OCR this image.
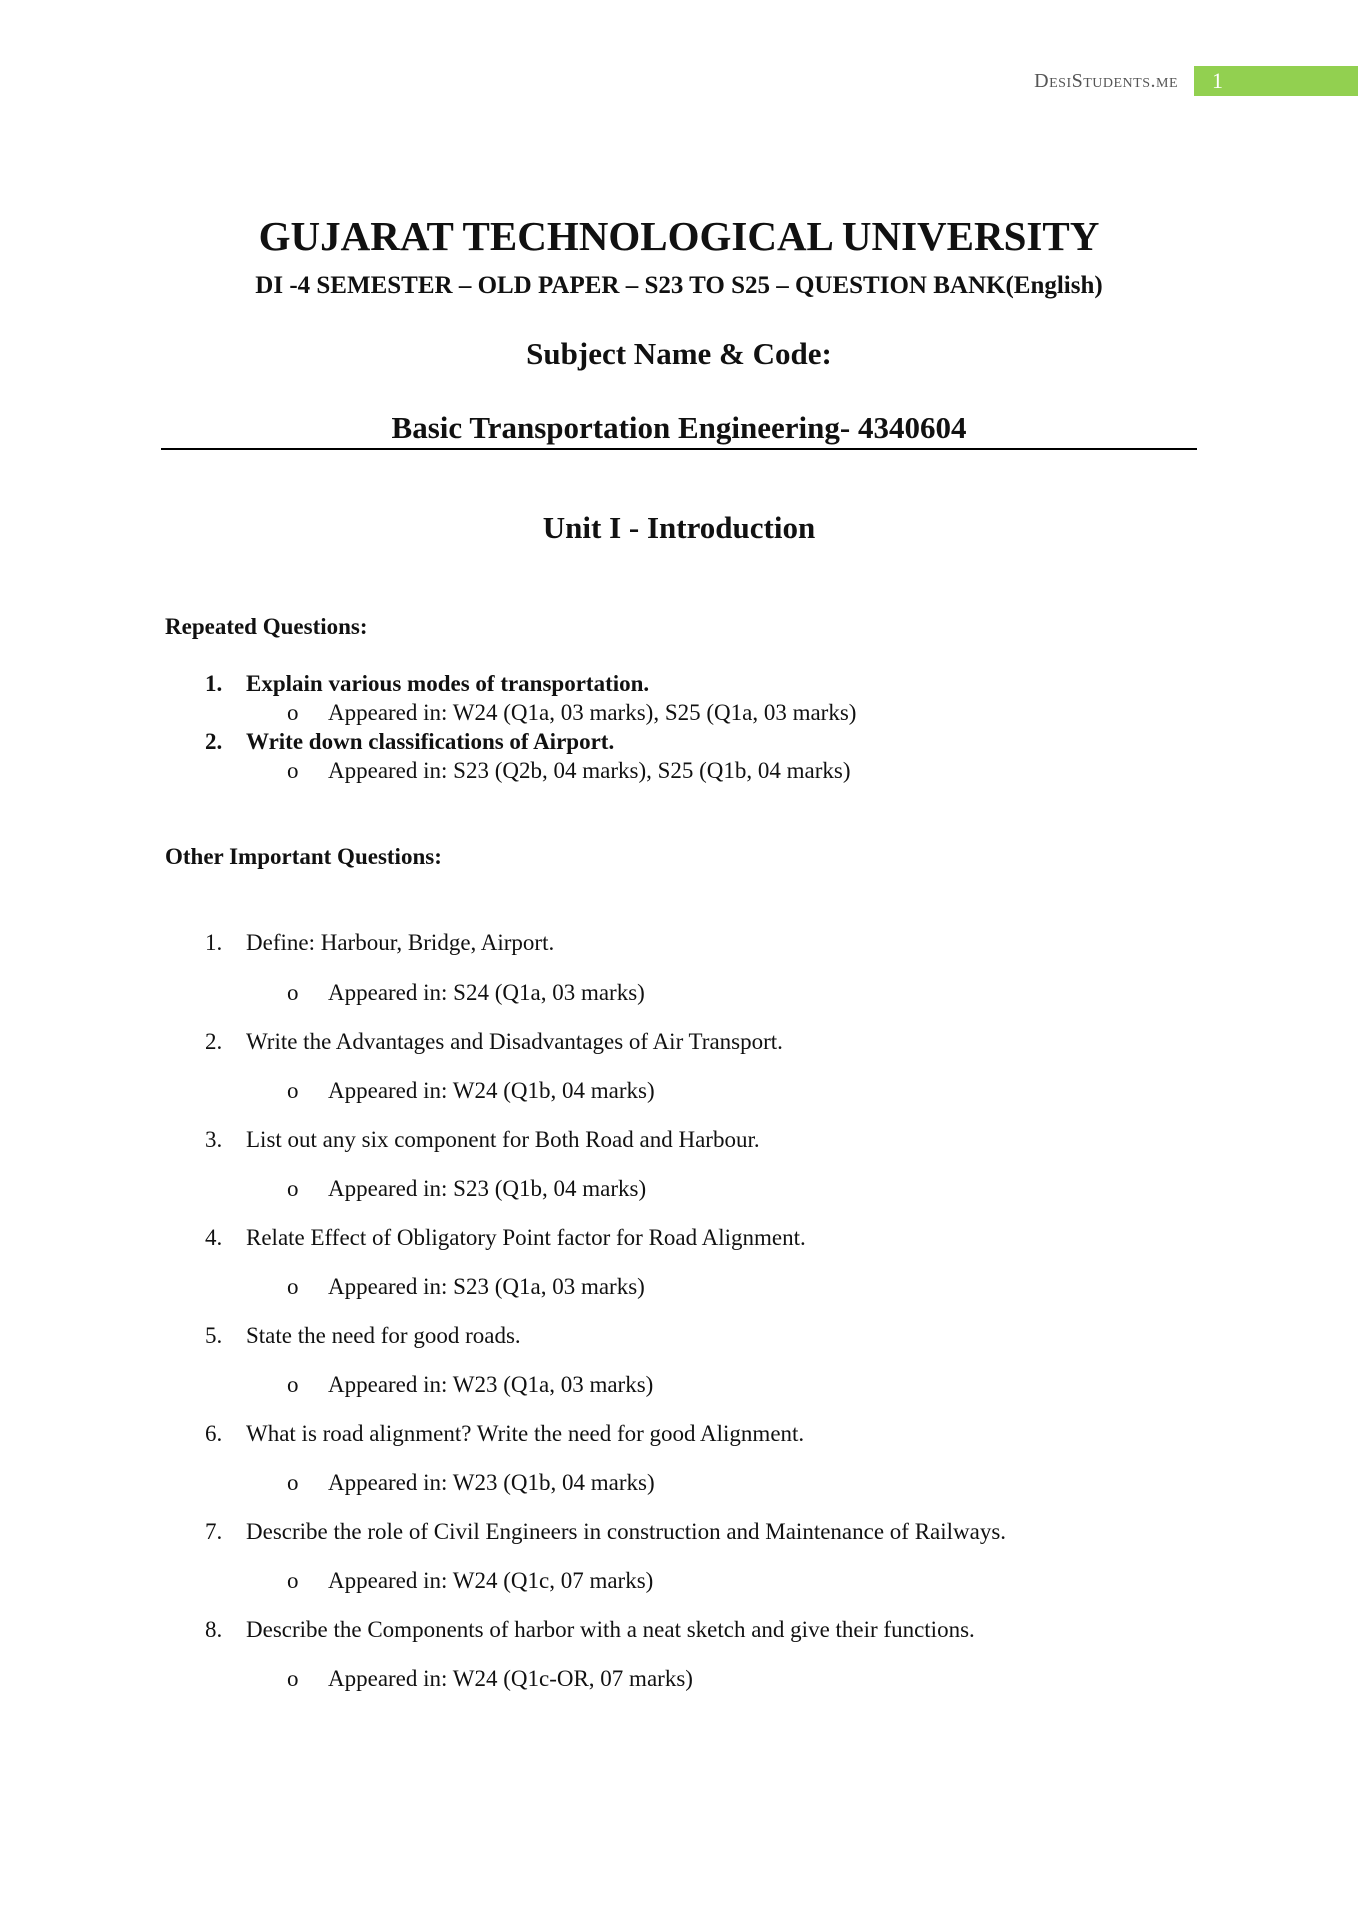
DesiStudents.me 1
GUJARAT TECHNOLOGICAL UNIVERSITY
DI -4 SEMESTER – OLD PAPER – S23 TO S25 – QUESTION BANK(English)
Subject Name & Code:
Basic Transportation Engineering- 4340604
Unit I - Introduction
Repeated Questions:
1. Explain various modes of transportation.
o Appeared in: W24 (Q1a, 03 marks), S25 (Q1a, 03 marks)
2. Write down classifications of Airport.
o Appeared in: S23 (Q2b, 04 marks), S25 (Q1b, 04 marks)
Other Important Questions:
1. Define: Harbour, Bridge, Airport.
o Appeared in: S24 (Q1a, 03 marks)
2. Write the Advantages and Disadvantages of Air Transport.
o Appeared in: W24 (Q1b, 04 marks)
3. List out any six component for Both Road and Harbour.
o Appeared in: S23 (Q1b, 04 marks)
4. Relate Effect of Obligatory Point factor for Road Alignment.
o Appeared in: S23 (Q1a, 03 marks)
5. State the need for good roads.
o Appeared in: W23 (Q1a, 03 marks)
6. What is road alignment? Write the need for good Alignment.
o Appeared in: W23 (Q1b, 04 marks)
7. Describe the role of Civil Engineers in construction and Maintenance of Railways.
o Appeared in: W24 (Q1c, 07 marks)
8. Describe the Components of harbor with a neat sketch and give their functions.
o Appeared in: W24 (Q1c-OR, 07 marks)
